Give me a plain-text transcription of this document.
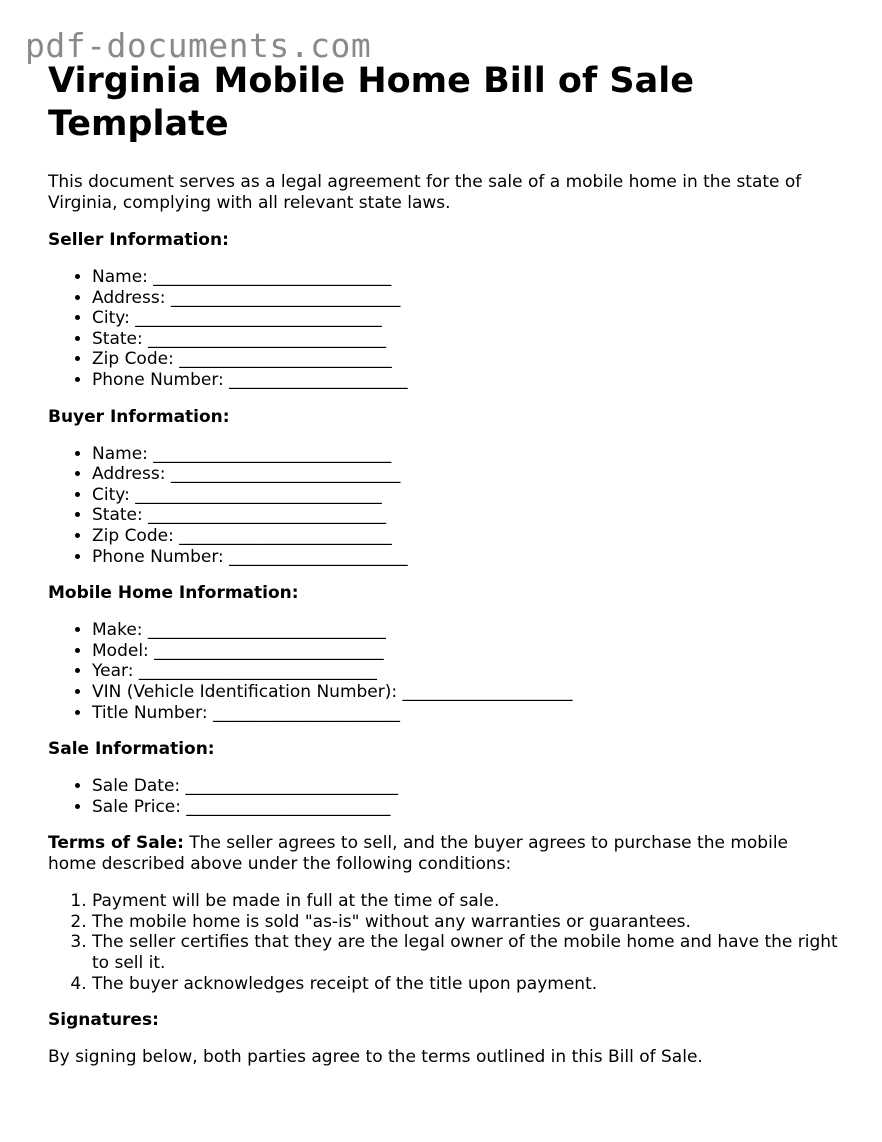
pdf-documents.com
Virginia Mobile Home Bill of Sale Template

This document serves as a legal agreement for the sale of a mobile home in the state of Virginia, complying with all relevant state laws.

Seller Information:
• Name: ____________________________
• Address: ___________________________
• City: _____________________________
• State: ____________________________
• Zip Code: _________________________
• Phone Number: _____________________
Buyer Information:
• Name: ____________________________
• Address: ___________________________
• City: _____________________________
• State: ____________________________
• Zip Code: _________________________
• Phone Number: _____________________
Mobile Home Information:
• Make: ____________________________
• Model: ___________________________
• Year: ____________________________
• VIN (Vehicle Identification Number): ____________________
• Title Number: ______________________
Sale Information:
• Sale Date: _________________________
• Sale Price: ________________________

Terms of Sale: The seller agrees to sell, and the buyer agrees to purchase the mobile home described above under the following conditions:

1. Payment will be made in full at the time of sale.
2. The mobile home is sold "as-is" without any warranties or guarantees.
3. The seller certifies that they are the legal owner of the mobile home and have the right to sell it.
4. The buyer acknowledges receipt of the title upon payment.
Signatures:

By signing below, both parties agree to the terms outlined in this Bill of Sale.
